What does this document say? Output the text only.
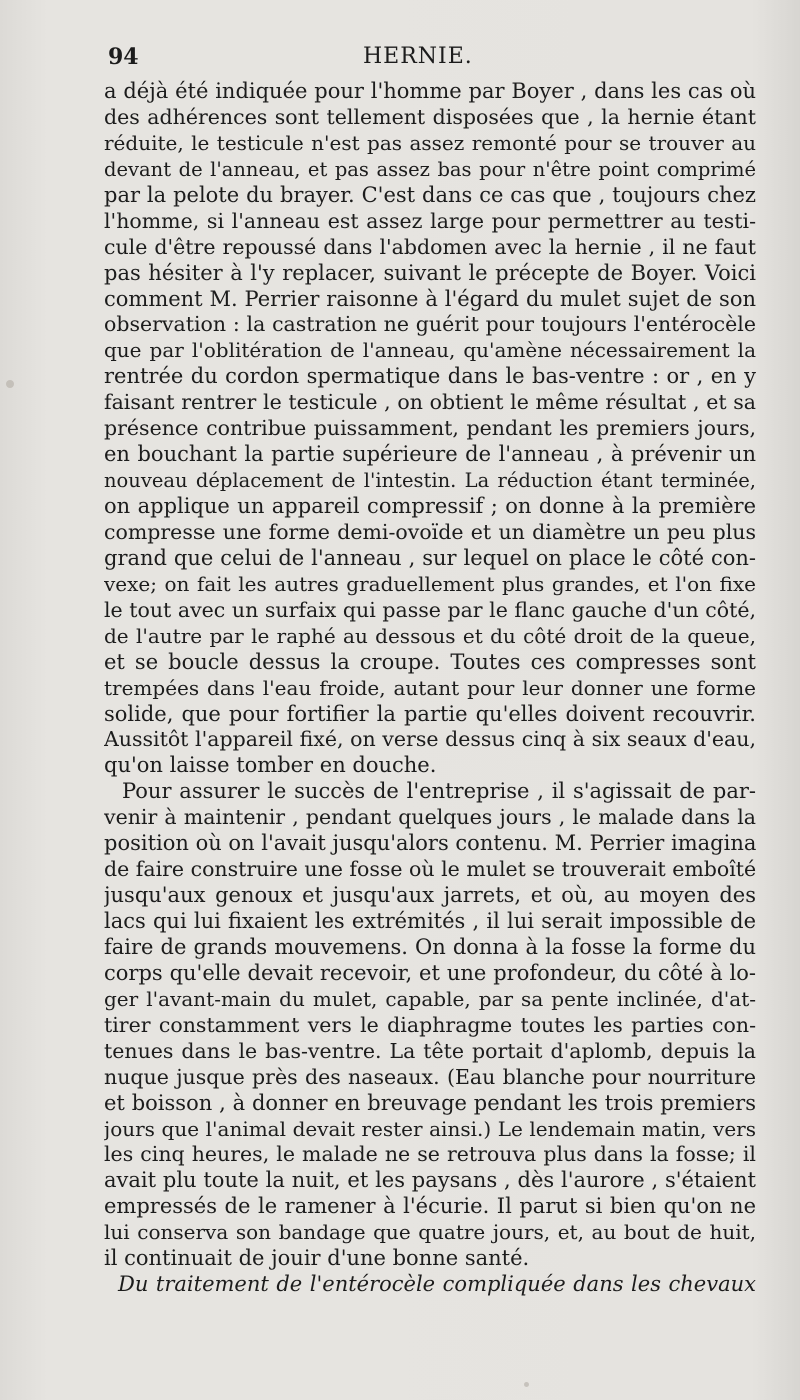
94	HERNIE.
a déjà été indiquée pour l'homme par Boyer , dans les cas où
des adhérences sont tellement disposées que , la hernie étant
réduite, le testicule n'est pas assez remonté pour se trouver au
devant de l'anneau, et pas assez bas pour n'être point comprimé
par la pelote du brayer. C'est dans ce cas que , toujours chez
l'homme, si l'anneau est assez large pour permettrer au testi-
cule d'être repoussé dans l'abdomen avec la hernie , il ne faut
pas hésiter à l'y replacer, suivant le précepte de Boyer. Voici
comment M. Perrier raisonne à l'égard du mulet sujet de son
observation : la castration ne guérit pour toujours l'entérocèle
que par l'oblitération de l'anneau, qu'amène nécessairement la
rentrée du cordon spermatique dans le bas-ventre : or , en y
faisant rentrer le testicule , on obtient le même résultat , et sa
présence contribue puissamment, pendant les premiers jours,
en bouchant la partie supérieure de l'anneau , à prévenir un
nouveau déplacement de l'intestin. La réduction étant terminée,
on applique un appareil compressif ; on donne à la première
compresse une forme demi-ovoïde et un diamètre un peu plus
grand que celui de l'anneau , sur lequel on place le côté con-
vexe; on fait les autres graduellement plus grandes, et l'on fixe
le tout avec un surfaix qui passe par le flanc gauche d'un côté,
de l'autre par le raphé au dessous et du côté droit de la queue,
et se boucle dessus la croupe. Toutes ces compresses sont
trempées dans l'eau froide, autant pour leur donner une forme
solide, que pour fortifier la partie qu'elles doivent recouvrir.
Aussitôt l'appareil fixé, on verse dessus cinq à six seaux d'eau,
qu'on laisse tomber en douche.
Pour assurer le succès de l'entreprise , il s'agissait de par-
venir à maintenir , pendant quelques jours , le malade dans la
position où on l'avait jusqu'alors contenu. M. Perrier imagina
de faire construire une fosse où le mulet se trouverait emboîté
jusqu'aux genoux et jusqu'aux jarrets, et où, au moyen des
lacs qui lui fixaient les extrémités , il lui serait impossible de
faire de grands mouvemens. On donna à la fosse la forme du
corps qu'elle devait recevoir, et une profondeur, du côté à lo-
ger l'avant-main du mulet, capable, par sa pente inclinée, d'at-
tirer constamment vers le diaphragme toutes les parties con-
tenues dans le bas-ventre. La tête portait d'aplomb, depuis la
nuque jusque près des naseaux. (Eau blanche pour nourriture
et boisson , à donner en breuvage pendant les trois premiers
jours que l'animal devait rester ainsi.) Le lendemain matin, vers
les cinq heures, le malade ne se retrouva plus dans la fosse; il
avait plu toute la nuit, et les paysans , dès l'aurore , s'étaient
empressés de le ramener à l'écurie. Il parut si bien qu'on ne
lui conserva son bandage que quatre jours, et, au bout de huit,
il continuait de jouir d'une bonne santé.
Du traitement de l'entérocèle compliquée dans les chevaux
